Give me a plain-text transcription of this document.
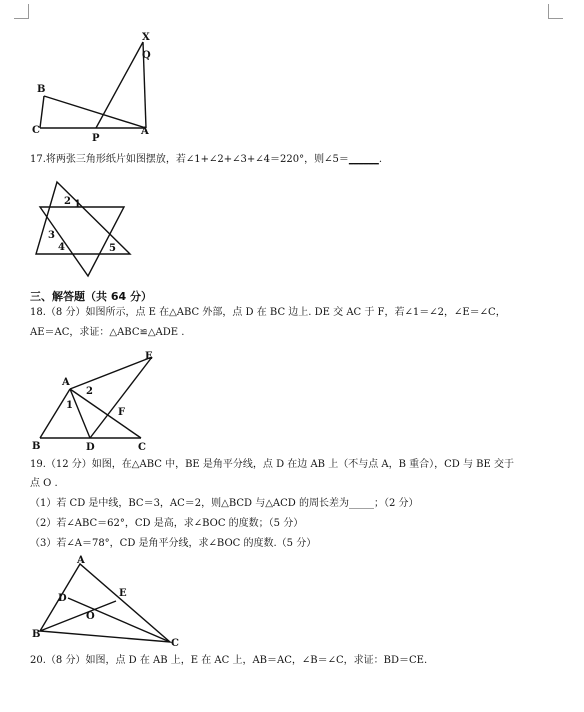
X
Q
B
C
P
A
17.将两张三角形纸片如图摆放，若∠1+∠2+∠3+∠4＝220°，则∠5＝______.
2 1
3
4	5
三、解答题（共 64 分）
18.（8 分）如图所示，点 E 在△ABC 外部，点 D 在 BC 边上. DE 交 AC 于 F，若∠1＝∠2，∠E＝∠C，
AE＝AC，求证：△ABC≌△ADE .
E
A
2
1
F
B	D	C
19.（12 分）如图，在△ABC 中，BE 是角平分线，点 D 在边 AB 上（不与点 A，B 重合），CD 与 BE 交于
点 O .
（1）若 CD 是中线，BC＝3，AC＝2，则△BCD 与△ACD 的周长差为_____；（2 分）
（2）若∠ABC＝62°，CD 是高，求∠BOC 的度数；（5 分）
（3）若∠A＝78°，CD 是角平分线，求∠BOC 的度数.（5 分）
A
D	E
O
B
C
20.（8 分）如图，点 D 在 AB 上，E 在 AC 上，AB＝AC，∠B＝∠C，求证：BD＝CE.
